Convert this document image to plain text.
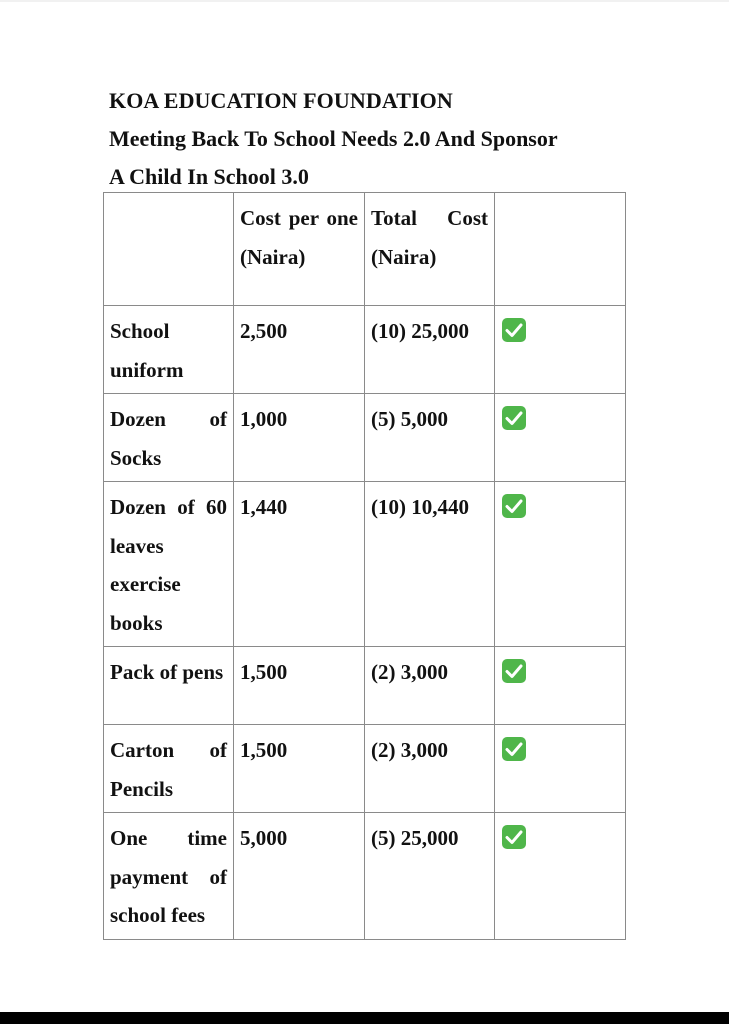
KOA EDUCATION FOUNDATION
Meeting Back To School Needs 2.0 And Sponsor
A Child In School 3.0
	Cost per one (Naira)	Total Cost (Naira)	
School uniform	2,500	(10) 25,000	

Dozen of Socks	1,000	(5) 5,000	

Dozen of 60 leaves exercise books	1,440	(10) 10,440	

Pack of pens	1,500	(2) 3,000	

Carton of Pencils	1,500	(2) 3,000	

One time payment of school fees	5,000	(5) 25,000	
